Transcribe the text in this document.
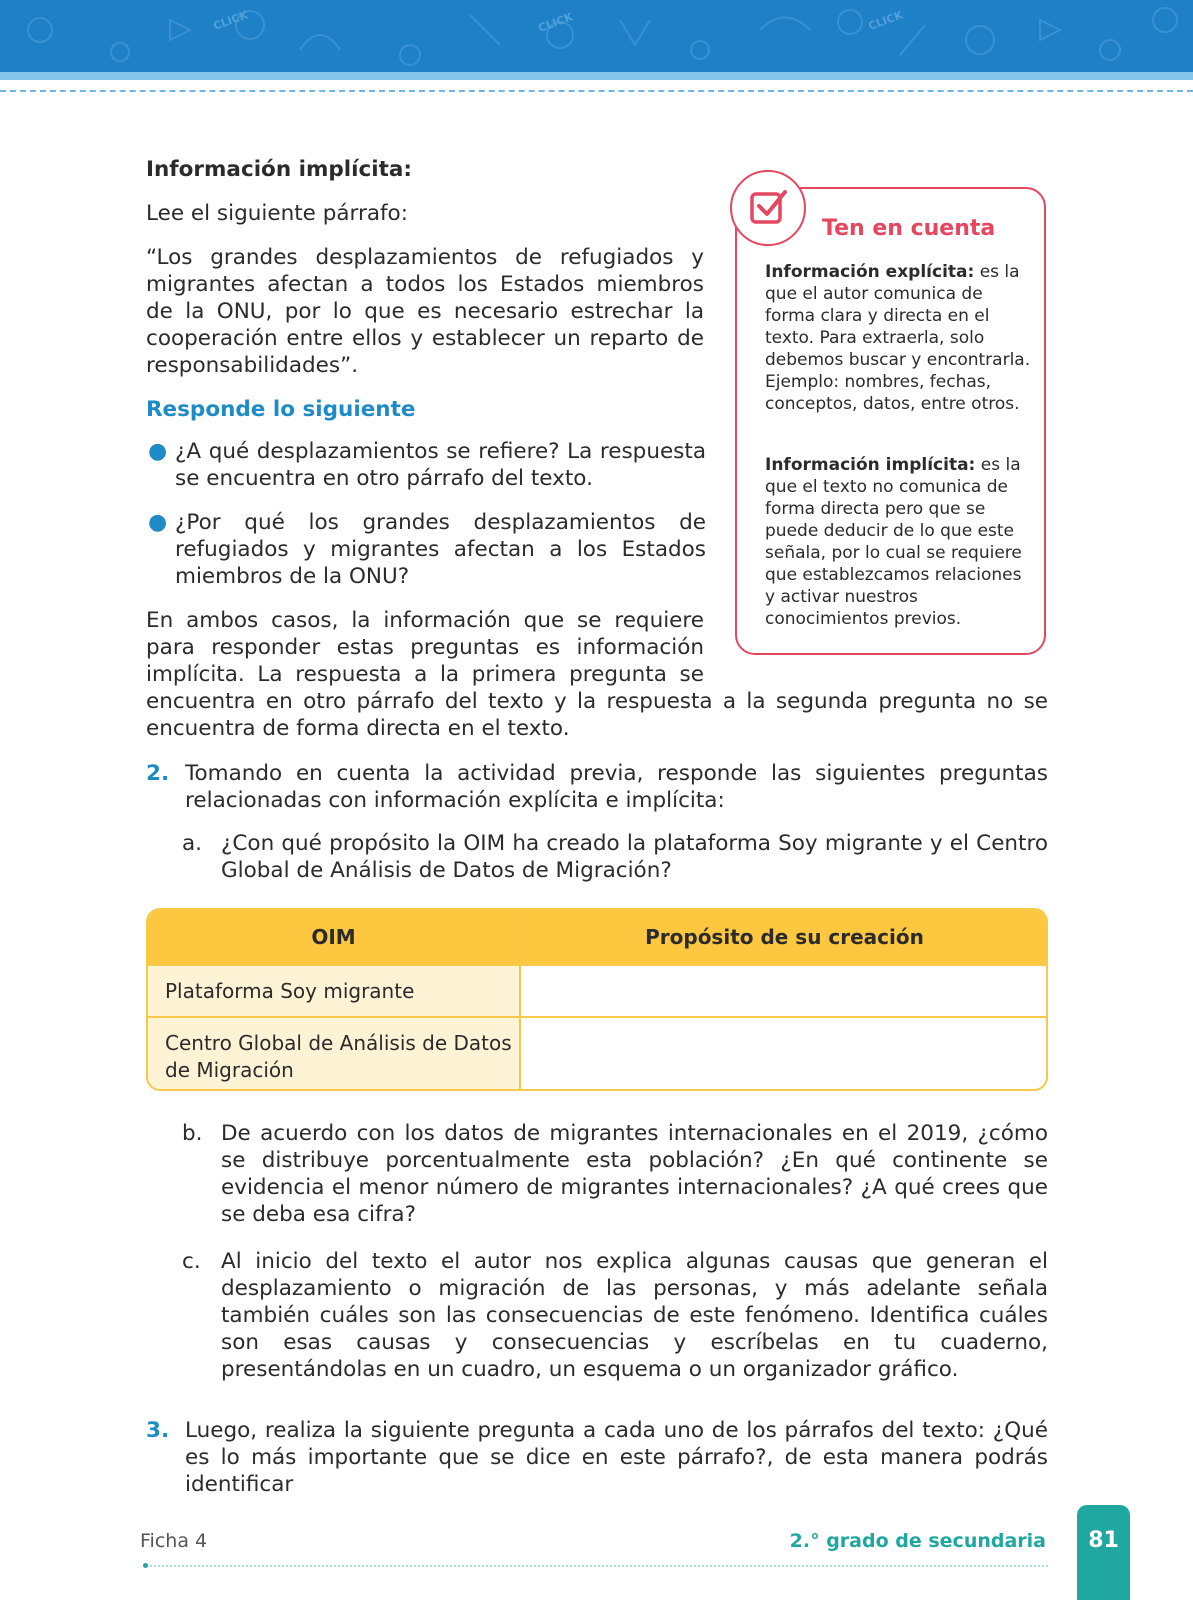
CLICK	CLICK	CLICK
Información implícita:
Lee el siguiente párrafo:
“Los grandes desplazamientos de refugiados y migrantes afectan a todos los Estados miembros de la ONU, por lo que es necesario estrechar la cooperación entre ellos y establecer un reparto de responsabilidades”.
Responde lo siguiente
● ¿A qué desplazamientos se refiere? La respuesta se encuentra en otro párrafo del texto.
● ¿Por qué los grandes desplazamientos de refugiados y migrantes afectan a los Estados miembros de la ONU?
En ambos casos, la información que se requiere para responder estas preguntas es información implícita. La respuesta a la primera pregunta se
encuentra en otro párrafo del texto y la respuesta a la segunda pregunta no se encuentra de forma directa en el texto.
Ten en cuenta
Información explícita: es la que el autor comunica de forma clara y directa en el texto. Para extraerla, solo debemos buscar y encontrarla. Ejemplo: nombres, fechas, conceptos, datos, entre otros.
Información implícita: es la que el texto no comunica de forma directa pero que se puede deducir de lo que este señala, por lo cual se requiere que establezcamos relaciones y activar nuestros conocimientos previos.
2. Tomando en cuenta la actividad previa, responde las siguientes preguntas relacionadas con información explícita e implícita:
a. ¿Con qué propósito la OIM ha creado la plataforma Soy migrante y el Centro Global de Análisis de Datos de Migración?
OIM	Propósito de su creación
Plataforma Soy migrante
Centro Global de Análisis de Datos de Migración
b. De acuerdo con los datos de migrantes internacionales en el 2019, ¿cómo se distribuye porcentualmente esta población? ¿En qué continente se evidencia el menor número de migrantes internacionales? ¿A qué crees que se deba esa cifra?
c. Al inicio del texto el autor nos explica algunas causas que generan el desplazamiento o migración de las personas, y más adelante señala también cuáles son las consecuencias de este fenómeno. Identifica cuáles son esas causas y consecuencias y escríbelas en tu cuaderno, presentándolas en un cuadro, un esquema o un organizador gráfico.
3. Luego, realiza la siguiente pregunta a cada uno de los párrafos del texto: ¿Qué es lo más importante que se dice en este párrafo?, de esta manera podrás identificar
Ficha 4	2.° grado de secundaria	81
